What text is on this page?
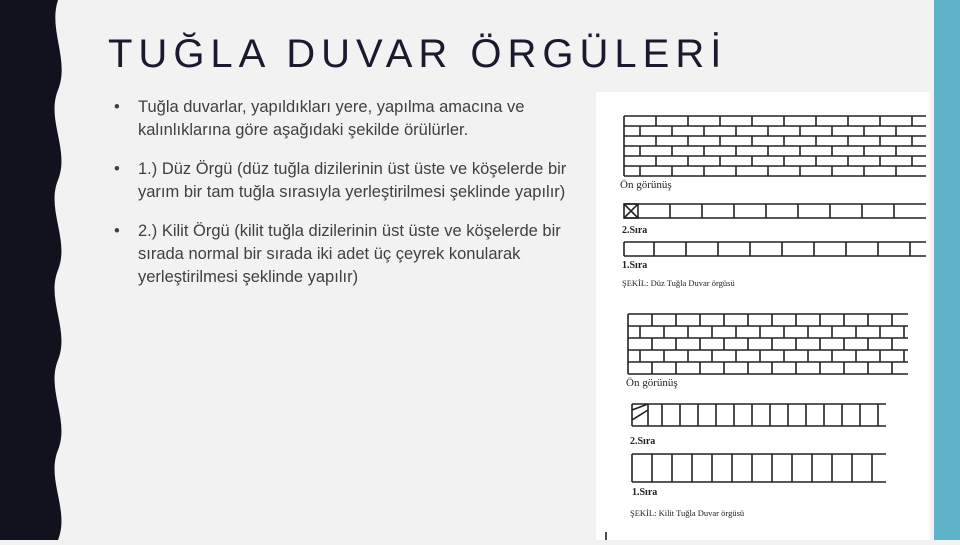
TUĞLA DUVAR ÖRGÜLERİ
• Tuğla duvarlar, yapıldıkları yere, yapılma amacına ve kalınlıklarına göre aşağıdaki şekilde örülürler.
• 1.) Düz Örgü (düz tuğla dizilerinin üst üste ve köşelerde bir yarım bir tam tuğla sırasıyla yerleştirilmesi şeklinde yapılır)
• 2.) Kilit Örgü (kilit tuğla dizilerinin üst üste ve köşelerde bir sırada normal bir sırada iki adet üç çeyrek konularak yerleştirilmesi şeklinde yapılır)
Ön görünüş
2.Sıra
1.Sıra
ŞEKİL: Düz Tuğla Duvar örgüsü
Ön görünüş
2.Sıra
1.Sıra
ŞEKİL: Kilit Tuğla Duvar örgüsü
